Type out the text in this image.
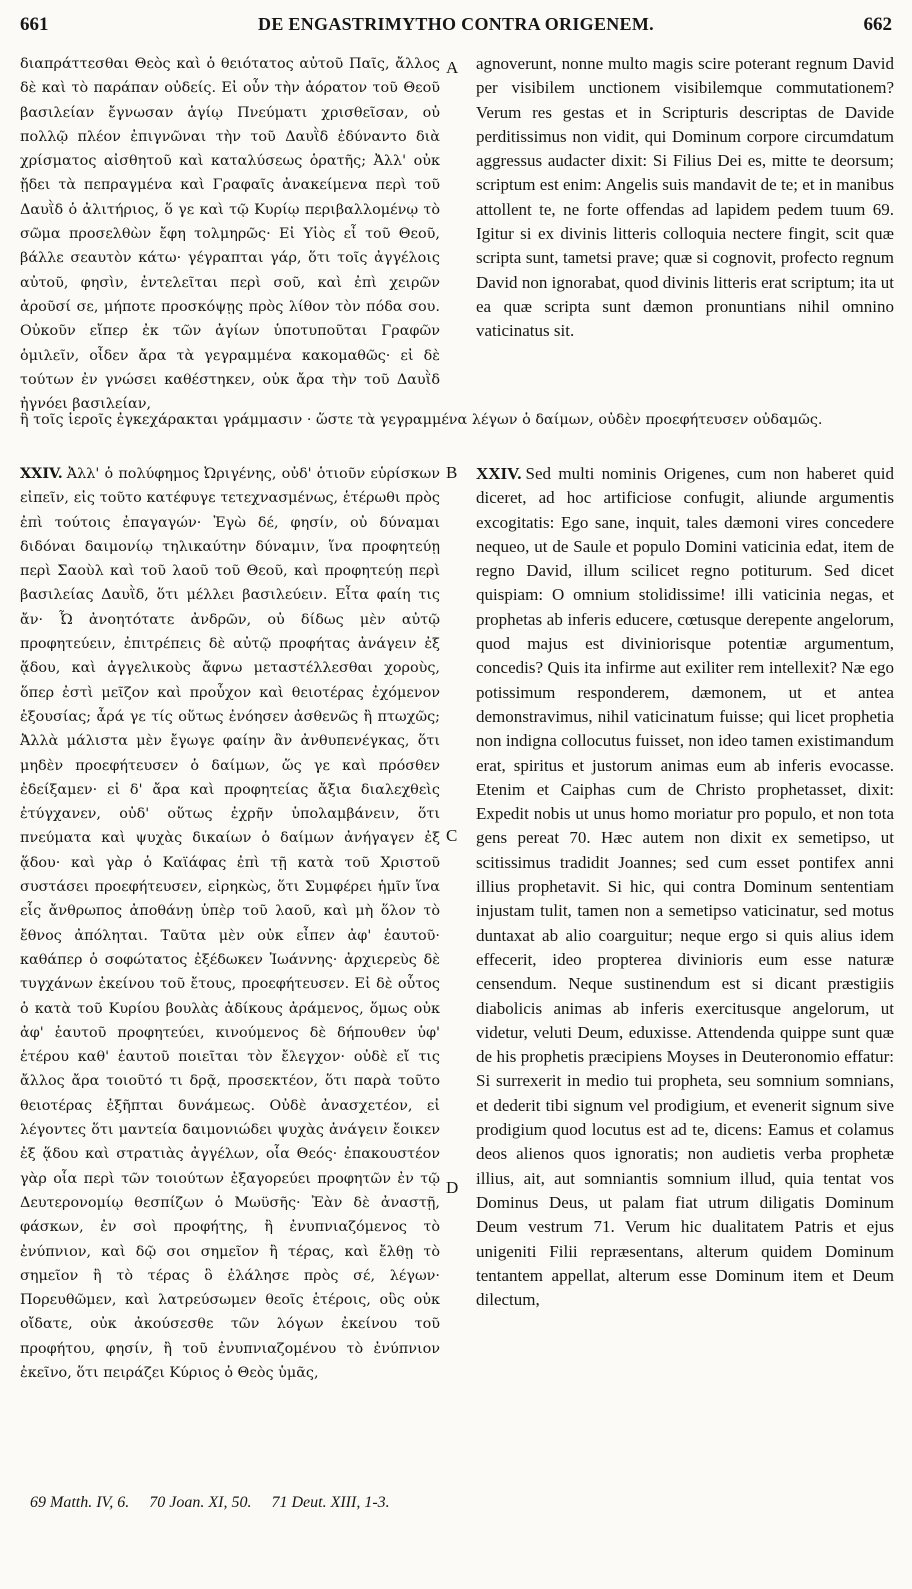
661	DE ENGASTRIMYTHO CONTRA ORIGENEM.	662

διαπράττεσθαι Θεὸς καὶ ὁ θειότατος αὐτοῦ Παῖς, ἄλλος δὲ καὶ τὸ παράπαν οὐδείς. Εἰ οὖν τὴν ἀόρατον τοῦ Θεοῦ βασιλείαν ἔγνωσαν ἁγίῳ Πνεύματι χρισθεῖσαν, οὐ πολλῷ πλέον ἐπιγνῶναι τὴν τοῦ Δαυῒδ ἐδύναντο διὰ χρίσματος αἰσθητοῦ καὶ καταλύσεως ὁρατῆς; Ἀλλ' οὐκ ᾔδει τὰ πεπραγμένα καὶ Γραφαῖς ἀνακείμενα περὶ τοῦ Δαυῒδ ὁ ἀλιτήριος, ὅ γε καὶ τῷ Κυρίῳ περιβαλλομένῳ τὸ σῶμα προσελθὼν ἔφη τολμηρῶς· Εἰ Υἱὸς εἶ τοῦ Θεοῦ, βάλλε σεαυτὸν κάτω· γέγραπται γάρ, ὅτι τοῖς ἀγγέλοις αὐτοῦ, φησὶν, ἐντελεῖται περὶ σοῦ, καὶ ἐπὶ χειρῶν ἀροῦσί σε, μήποτε προσκόψῃς πρὸς λίθον τὸν πόδα σου. Οὐκοῦν εἴπερ ἐκ τῶν ἁγίων ὑποτυποῦται Γραφῶν ὁμιλεῖν, οἶδεν ἄρα τὰ γεγραμμένα κακομαθῶς· εἰ δὲ τούτων ἐν γνώσει καθέστηκεν, οὐκ ἄρα τὴν τοῦ Δαυῒδ ἠγνόει βασιλείαν,

agnoverunt, nonne multo magis scire poterant regnum David per visibilem unctionem visibilemque commutationem? Verum res gestas et in Scripturis descriptas de Davide perditissimus non vidit, qui Dominum corpore circumdatum aggressus audacter dixit: Si Filius Dei es, mitte te deorsum; scriptum est enim: Angelis suis mandavit de te; et in manibus attollent te, ne forte offendas ad lapidem pedem tuum 69. Igitur si ex divinis litteris colloquia nectere fingit, scit quæ scripta sunt, tametsi prave; quæ si cognovit, profecto regnum David non ignorabat, quod divinis litteris erat scriptum; ita ut ea quæ scripta sunt dæmon pronuntians nihil omnino vaticinatus sit.

ἢ τοῖς ἱεροῖς ἐγκεχάρακται γράμμασιν · ὥστε τὰ γεγραμμένα λέγων ὁ δαίμων, οὐδὲν προεφήτευσεν οὐδαμῶς.

XXIV. Ἀλλ' ὁ πολύφημος Ὠριγένης, οὐδ' ὁτιοῦν εὑρίσκων εἰπεῖν, εἰς τοῦτο κατέφυγε τετεχνασμένως, ἑτέρωθι πρὸς ἐπὶ τούτοις ἐπαγαγών· Ἐγὼ δέ, φησίν, οὐ δύναμαι διδόναι δαιμονίῳ τηλικαύτην δύναμιν, ἵνα προφητεύῃ περὶ Σαοὺλ καὶ τοῦ λαοῦ τοῦ Θεοῦ, καὶ προφητεύῃ περὶ βασιλείας Δαυῒδ, ὅτι μέλλει βασιλεύειν. Εἶτα φαίη τις ἄν· Ὦ ἀνοητότατε ἀνδρῶν, οὐ δίδως μὲν αὐτῷ προφητεύειν, ἐπιτρέπεις δὲ αὐτῷ προφήτας ἀνάγειν ἐξ ᾅδου, καὶ ἀγγελικοὺς ἄφνω μεταστέλλεσθαι χοροὺς, ὅπερ ἐστὶ μεῖζον καὶ προὖχον καὶ θειοτέρας ἐχόμενον ἐξουσίας; ἆρά γε τίς οὕτως ἐνόησεν ἀσθενῶς ἢ πτωχῶς; Ἀλλὰ μάλιστα μὲν ἔγωγε φαίην ἂν ἀνθυπενέγκας, ὅτι μηδὲν προεφήτευσεν ὁ δαίμων, ὥς γε καὶ πρόσθεν ἐδείξαμεν· εἰ δ' ἄρα καὶ προφητείας ἄξια διαλεχθεὶς ἐτύγχανεν, οὐδ' οὕτως ἐχρῆν ὑπολαμβάνειν, ὅτι πνεύματα καὶ ψυχὰς δικαίων ὁ δαίμων ἀνήγαγεν ἐξ ᾅδου· καὶ γὰρ ὁ Καϊάφας ἐπὶ τῇ κατὰ τοῦ Χριστοῦ συστάσει προεφήτευσεν, εἰρηκὼς, ὅτι Συμφέρει ἡμῖν ἵνα εἷς ἄνθρωπος ἀποθάνῃ ὑπὲρ τοῦ λαοῦ, καὶ μὴ ὅλον τὸ ἔθνος ἀπόληται. Ταῦτα μὲν οὐκ εἶπεν ἀφ' ἑαυτοῦ· καθάπερ ὁ σοφώτατος ἐξέδωκεν Ἰωάννης· ἀρχιερεὺς δὲ τυγχάνων ἐκείνου τοῦ ἔτους, προεφήτευσεν. Εἰ δὲ οὗτος ὁ κατὰ τοῦ Κυρίου βουλὰς ἀδίκους ἀράμενος, ὅμως οὐκ ἀφ' ἑαυτοῦ προφητεύει, κινούμενος δὲ δήπουθεν ὑφ' ἑτέρου καθ' ἑαυτοῦ ποιεῖται τὸν ἔλεγχον· οὐδὲ εἴ τις ἄλλος ἄρα τοιοῦτό τι δρᾷ, προσεκτέον, ὅτι παρὰ τοῦτο θειοτέρας ἐξῆπται δυνάμεως. Οὐδὲ ἀνασχετέον, εἰ λέγοντες ὅτι μαντεία δαιμονιώδει ψυχὰς ἀνάγειν ἔοικεν ἐξ ᾅδου καὶ στρατιὰς ἀγγέλων, οἷα Θεός· ἐπακουστέον γὰρ οἷα περὶ τῶν τοιούτων ἐξαγορεύει προφητῶν ἐν τῷ Δευτερονομίῳ θεσπίζων ὁ Μωϋσῆς· Ἐὰν δὲ ἀναστῇ, φάσκων, ἐν σοὶ προφήτης, ἢ ἐνυπνιαζόμενος τὸ ἐνύπνιον, καὶ δῷ σοι σημεῖον ἢ τέρας, καὶ ἔλθῃ τὸ σημεῖον ἢ τὸ τέρας ὃ ἐλάλησε πρὸς σέ, λέγων· Πορευθῶμεν, καὶ λατρεύσωμεν θεοῖς ἑτέροις, οὓς οὐκ οἴδατε, οὐκ ἀκούσεσθε τῶν λόγων ἐκείνου τοῦ προφήτου, φησίν, ἢ τοῦ ἐνυπνιαζομένου τὸ ἐνύπνιον ἐκεῖνο, ὅτι πειράζει Κύριος ὁ Θεὸς ὑμᾶς,

XXIV. Sed multi nominis Origenes, cum non haberet quid diceret, ad hoc artificiose confugit, aliunde argumentis excogitatis: Ego sane, inquit, tales dæmoni vires concedere nequeo, ut de Saule et populo Domini vaticinia edat, item de regno David, illum scilicet regno potiturum. Sed dicet quispiam: O omnium stolidissime! illi vaticinia negas, et prophetas ab inferis educere, cœtusque derepente angelorum, quod majus est diviniorisque potentiæ argumentum, concedis? Quis ita infirme aut exiliter rem intellexit? Næ ego potissimum responderem, dæmonem, ut et antea demonstravimus, nihil vaticinatum fuisse; qui licet prophetia non indigna collocutus fuisset, non ideo tamen existimandum erat, spiritus et justorum animas eum ab inferis evocasse. Etenim et Caiphas cum de Christo prophetasset, dixit: Expedit nobis ut unus homo moriatur pro populo, et non tota gens pereat 70. Hæc autem non dixit ex semetipso, ut scitissimus tradidit Joannes; sed cum esset pontifex anni illius prophetavit. Si hic, qui contra Dominum sententiam injustam tulit, tamen non a semetipso vaticinatur, sed motus duntaxat ab alio coarguitur; neque ergo si quis alius idem effecerit, ideo propterea divinioris eum esse naturæ censendum. Neque sustinendum est si dicant præstigiis diabolicis animas ab inferis exercitusque angelorum, ut videtur, veluti Deum, eduxisse. Attendenda quippe sunt quæ de his prophetis præcipiens Moyses in Deuteronomio effatur: Si surrexerit in medio tui propheta, seu somnium somnians, et dederit tibi signum vel prodigium, et evenerit signum sive prodigium quod locutus est ad te, dicens: Eamus et colamus deos alienos quos ignoratis; non audietis verba prophetæ illius, ait, aut somniantis somnium illud, quia tentat vos Dominus Deus, ut palam fiat utrum diligatis Dominum Deum vestrum 71. Verum hic dualitatem Patris et ejus unigeniti Filii repræsentans, alterum quidem Dominum tentantem appellat, alterum esse Dominum item et Deum dilectum,

A
B
C
D
69 Matth. IV, 6. 70 Joan. XI, 50. 71 Deut. XIII, 1-3.
